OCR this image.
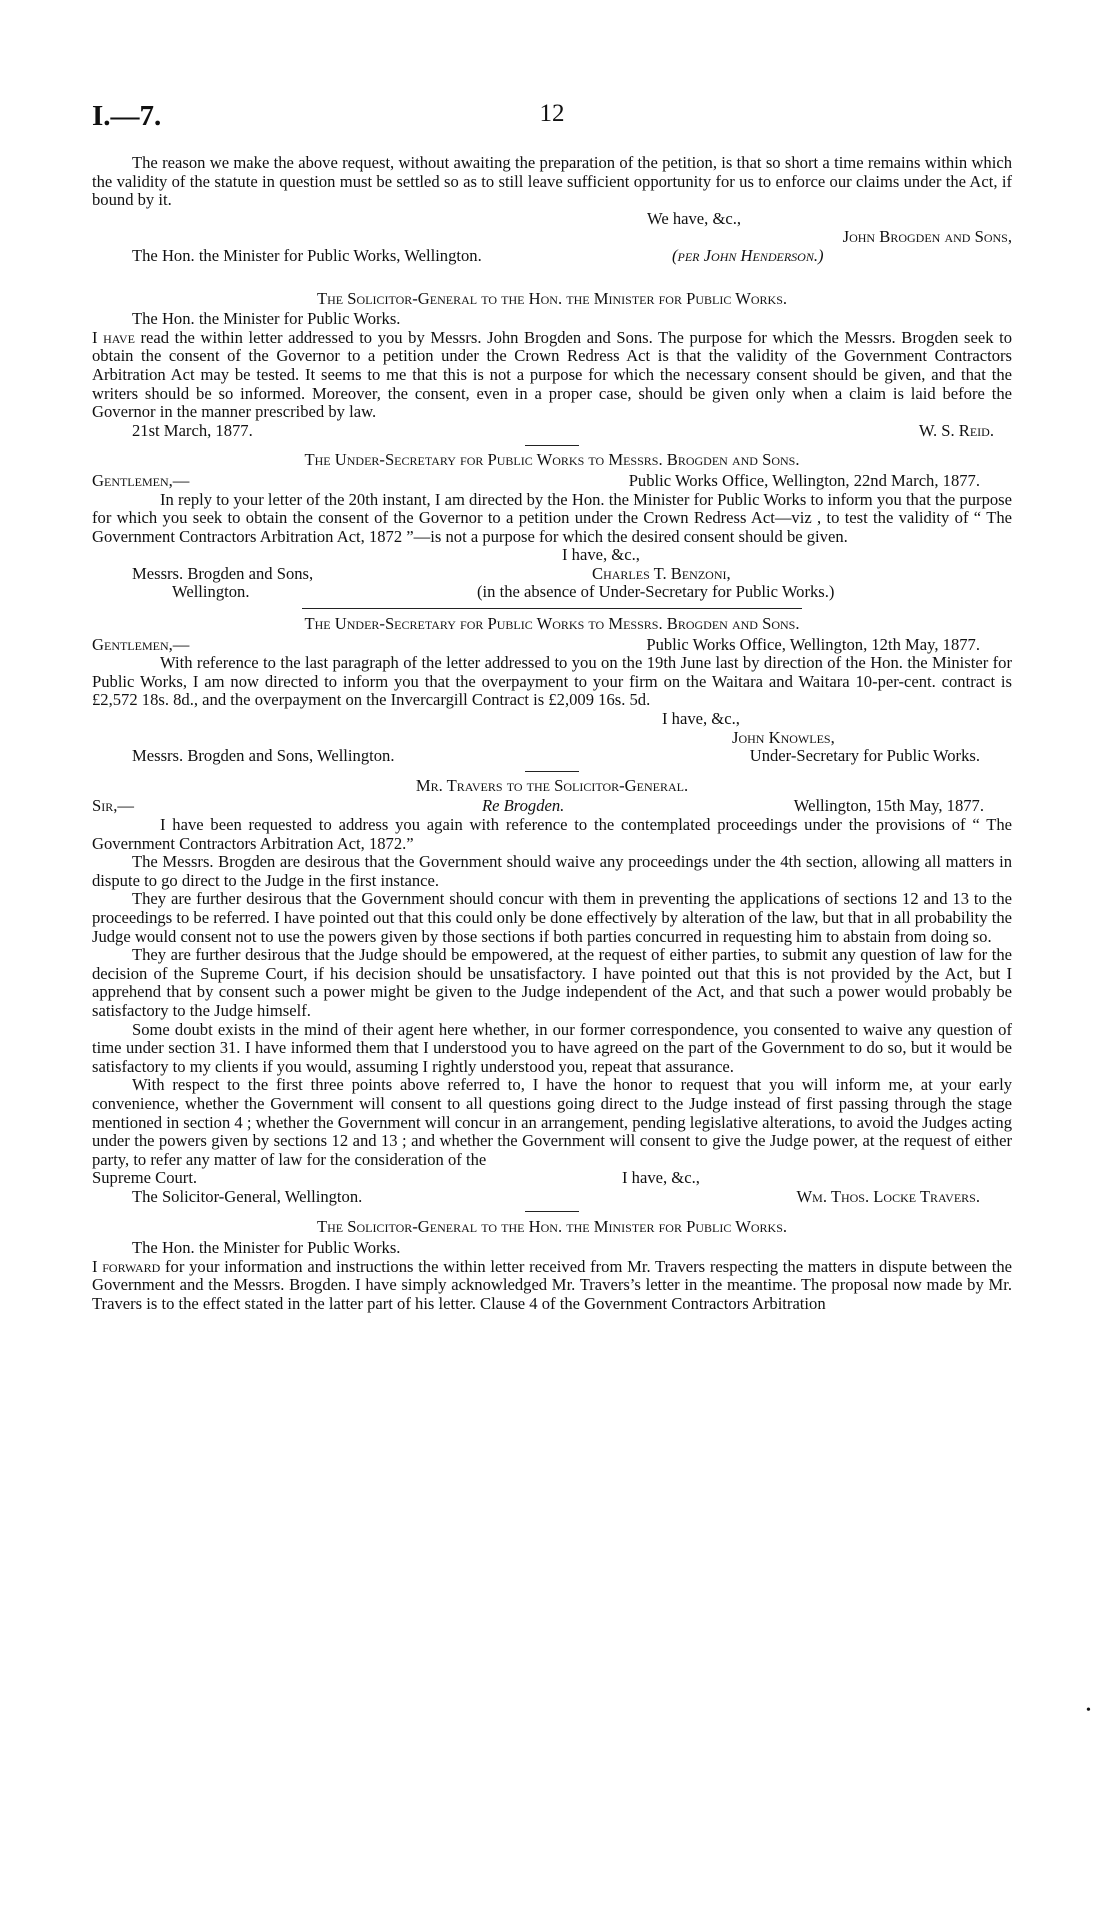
I.—7.	12

The reason we make the above request, without awaiting the preparation of the petition, is that so short a time remains within which the validity of the statute in question must be settled so as to still leave sufficient opportunity for us to enforce our claims under the Act, if bound by it.

We have, &c.,
John Brogden and Sons,
The Hon. the Minister for Public Works, Wellington.	(per John Henderson.)
The Solicitor-General to the Hon. the Minister for Public Works.

The Hon. the Minister for Public Works.

I have read the within letter addressed to you by Messrs. John Brogden and Sons. The purpose for which the Messrs. Brogden seek to obtain the consent of the Governor to a petition under the Crown Redress Act is that the validity of the Government Contractors Arbitration Act may be tested. It seems to me that this is not a purpose for which the necessary consent should be given, and that the writers should be so informed. Moreover, the consent, even in a proper case, should be given only when a claim is laid before the Governor in the manner prescribed by law.

21st March, 1877.	W. S. Reid.
The Under-Secretary for Public Works to Messrs. Brogden and Sons.
Gentlemen,—	Public Works Office, Wellington, 22nd March, 1877.

In reply to your letter of the 20th instant, I am directed by the Hon. the Minister for Public Works to inform you that the purpose for which you seek to obtain the consent of the Governor to a petition under the Crown Redress Act—viz , to test the validity of “ The Government Contractors Arbitration Act, 1872 ”—is not a purpose for which the desired consent should be given.

I have, &c.,
Messrs. Brogden and Sons,	Charles T. Benzoni,
Wellington.	(in the absence of Under-Secretary for Public Works.)
The Under-Secretary for Public Works to Messrs. Brogden and Sons.
Gentlemen,—	Public Works Office, Wellington, 12th May, 1877.

With reference to the last paragraph of the letter addressed to you on the 19th June last by direction of the Hon. the Minister for Public Works, I am now directed to inform you that the overpayment to your firm on the Waitara and Waitara 10-per-cent. contract is £2,572 18s. 8d., and the overpayment on the Invercargill Contract is £2,009 16s. 5d.

I have, &c.,
John Knowles,
Messrs. Brogden and Sons, Wellington.	Under-Secretary for Public Works.
Mr. Travers to the Solicitor-General.
Sir,—	Re Brogden.	Wellington, 15th May, 1877.

I have been requested to address you again with reference to the contemplated proceedings under the provisions of “ The Government Contractors Arbitration Act, 1872.”

The Messrs. Brogden are desirous that the Government should waive any proceedings under the 4th section, allowing all matters in dispute to go direct to the Judge in the first instance.

They are further desirous that the Government should concur with them in preventing the applications of sections 12 and 13 to the proceedings to be referred. I have pointed out that this could only be done effectively by alteration of the law, but that in all probability the Judge would consent not to use the powers given by those sections if both parties concurred in requesting him to abstain from doing so.

They are further desirous that the Judge should be empowered, at the request of either parties, to submit any question of law for the decision of the Supreme Court, if his decision should be unsatisfactory. I have pointed out that this is not provided by the Act, but I apprehend that by consent such a power might be given to the Judge independent of the Act, and that such a power would probably be satisfactory to the Judge himself.

Some doubt exists in the mind of their agent here whether, in our former correspondence, you consented to waive any question of time under section 31. I have informed them that I understood you to have agreed on the part of the Government to do so, but it would be satisfactory to my clients if you would, assuming I rightly understood you, repeat that assurance.

With respect to the first three points above referred to, I have the honor to request that you will inform me, at your early convenience, whether the Government will consent to all questions going direct to the Judge instead of first passing through the stage mentioned in section 4 ; whether the Government will concur in an arrangement, pending legislative alterations, to avoid the Judges acting under the powers given by sections 12 and 13 ; and whether the Government will consent to give the Judge power, at the request of either party, to refer any matter of law for the consideration of the

Supreme Court.	I have, &c.,
The Solicitor-General, Wellington.	Wm. Thos. Locke Travers.
The Solicitor-General to the Hon. the Minister for Public Works.

The Hon. the Minister for Public Works.

I forward for your information and instructions the within letter received from Mr. Travers respecting the matters in dispute between the Government and the Messrs. Brogden. I have simply acknowledged Mr. Travers’s letter in the meantime. The proposal now made by Mr. Travers is to the effect stated in the latter part of his letter. Clause 4 of the Government Contractors Arbitration

•
